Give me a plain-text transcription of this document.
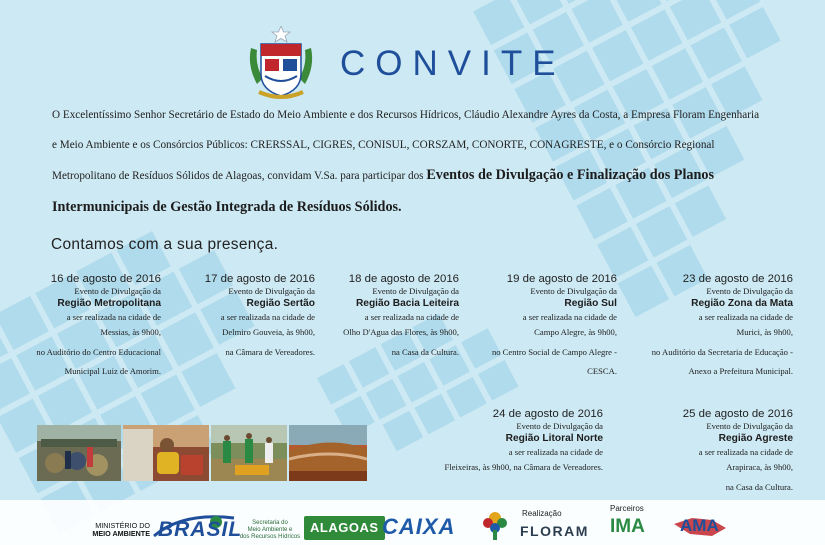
CONVITE
O Excelentíssimo Senhor Secretário de Estado do Meio Ambiente e dos Recursos Hídricos, Cláudio Alexandre Ayres da Costa, a Empresa Floram Engenharia e Meio Ambiente e os Consórcios Públicos: CRERSSAL, CIGRES, CONISUL, CORSZAM, CONORTE, CONAGRESTE, e o Consórcio Regional Metropolitano de Resíduos Sólidos de Alagoas, convidam V.Sa. para participar dos Eventos de Divulgação e Finalização dos Planos Intermunicipais de Gestão Integrada de Resíduos Sólidos.
Contamos com a sua presença.
16 de agosto de 2016
Evento de Divulgação da
Região Metropolitana
a ser realizada na cidade de
Messias, às 9h00,
no Auditório do Centro Educacional
Municipal Luiz de Amorim.
17 de agosto de 2016
Evento de Divulgação da
Região Sertão
a ser realizada na cidade de
Delmiro Gouveia, às 9h00,
na Câmara de Vereadores.
18 de agosto de 2016
Evento de Divulgação da
Região Bacia Leiteira
a ser realizada na cidade de
Olho D'Agua das Flores, às 9h00,
na Casa da Cultura.
19 de agosto de 2016
Evento de Divulgação da
Região Sul
a ser realizada na cidade de
Campo Alegre, às 9h00,
no Centro Social de Campo Alegre -
CESCA.
23 de agosto de 2016
Evento de Divulgação da
Região Zona da Mata
a ser realizada na cidade de
Murici, às 9h00,
no Auditório da Secretaria de Educação -
Anexo a Prefeitura Municipal.
24 de agosto de 2016
Evento de Divulgação da
Região Litoral Norte
a ser realizada na cidade de
Fleixeiras, às 9h00, na Câmara de Vereadores.
25 de agosto de 2016
Evento de Divulgação da
Região Agreste
a ser realizada na cidade de
Arapiraca, às 9h00,
na Casa da Cultura.
MINISTÉRIO DO
MEIO AMBIENTE BRASIL	Secretaria do
Meio Ambiente e
dos Recursos Hídricos
ALAGOAS CAIXA
Realização
FLORAM
Parceiros
IMA	AMA
